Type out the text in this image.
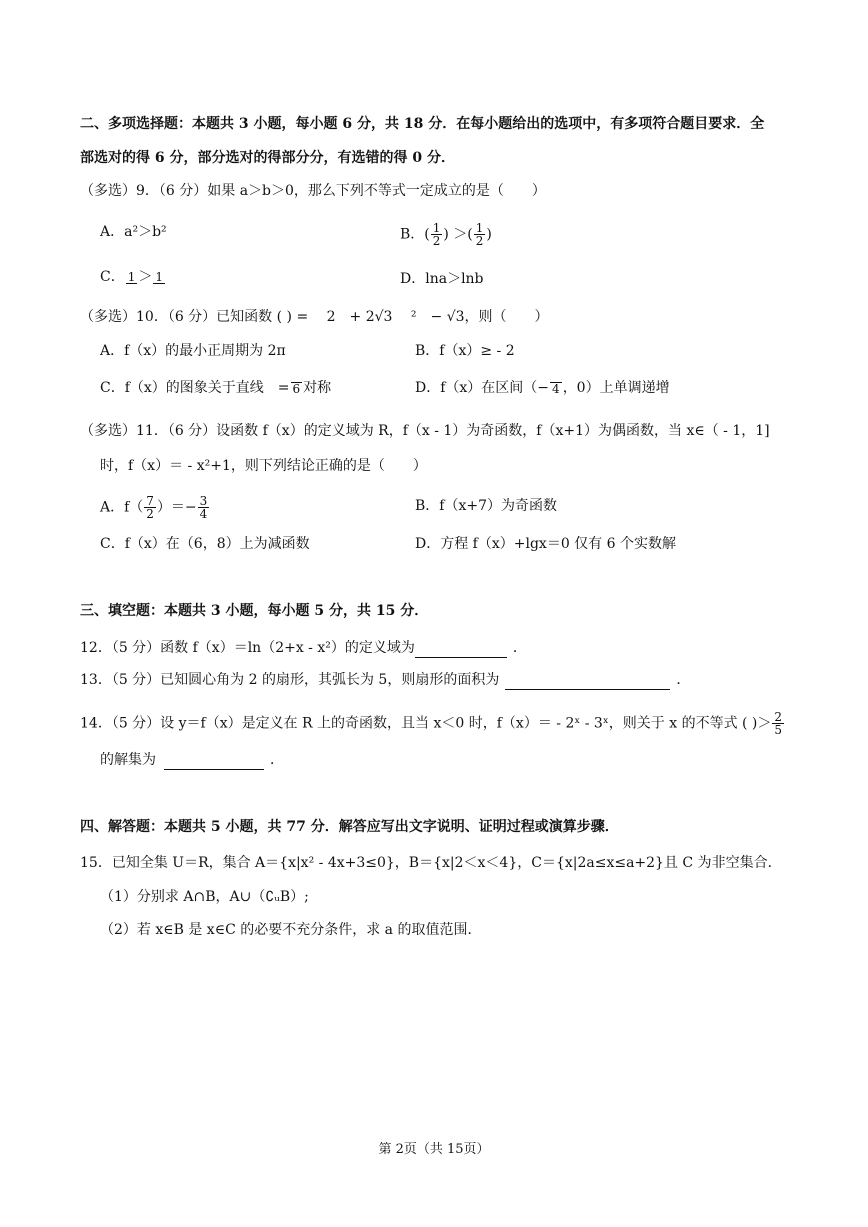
二、多项选择题：本题共 3 小题，每小题 6 分，共 18 分．在每小题给出的选项中，有多项符合题目要求．全
部选对的得 6 分，部分选对的得部分分，有选错的得 0 分．
（多选）9．（6 分）如果 a＞b＞0，那么下列不等式一定成立的是（　　）
A．a²＞b²	B．( $\frac{1}{2}$ ) ＞( $\frac{1}{2}$ )
C． 1 ＞ 1	D．lna＞lnb
（多选）10．（6 分）已知函数 ( ) =　 2　+ 2√3　 ²　− √3，则（　　）
A．f（x）的最小正周期为 2π	B．f（x）≥ - 2
C．f（x）的图象关于直线　= 6 对称	D．f（x）在区间（− 4 ，0）上单调递增
（多选）11．（6 分）设函数 f（x）的定义域为 R，f（x - 1）为奇函数，f（x+1）为偶函数，当 x∈（ - 1，1]
时，f（x）＝ - x²+1，则下列结论正确的是（　　）
A．$f( \frac{7}{2}$ ）＝− $\frac{3}{4}$	B．f（x+7）为奇函数
C．f（x）在（6，8）上为减函数	D．方程 f（x）+lgx＝0 仅有 6 个实数解
三、填空题：本题共 3 小题，每小题 5 分，共 15 分．
12．（5 分）函数 f（x）＝ln（2+x - x²）的定义域为	．
13．（5 分）已知圆心角为 2 的扇形，其弧长为 5，则扇形的面积为	．
14．（5 分）设 y＝f（x）是定义在 R 上的奇函数，且当 x＜0 时，f（x）＝ - 2ˣ - 3ˣ，则关于 x 的不等式 ( )＞ $\frac{2}{5}$
的解集为	．
四、解答题：本题共 5 小题，共 77 分．解答应写出文字说明、证明过程或演算步骤．
15．已知全集 U＝R，集合 A＝{x|x² - 4x+3≤0}，B＝{x|2＜x＜4}，C＝{x|2a≤x≤a+2}且 C 为非空集合．
（1）分别求 A∩B，A∪（∁ᵤB）;
（2）若 x∈B 是 x∈C 的必要不充分条件，求 a 的取值范围．
第 2页（共 15页）
